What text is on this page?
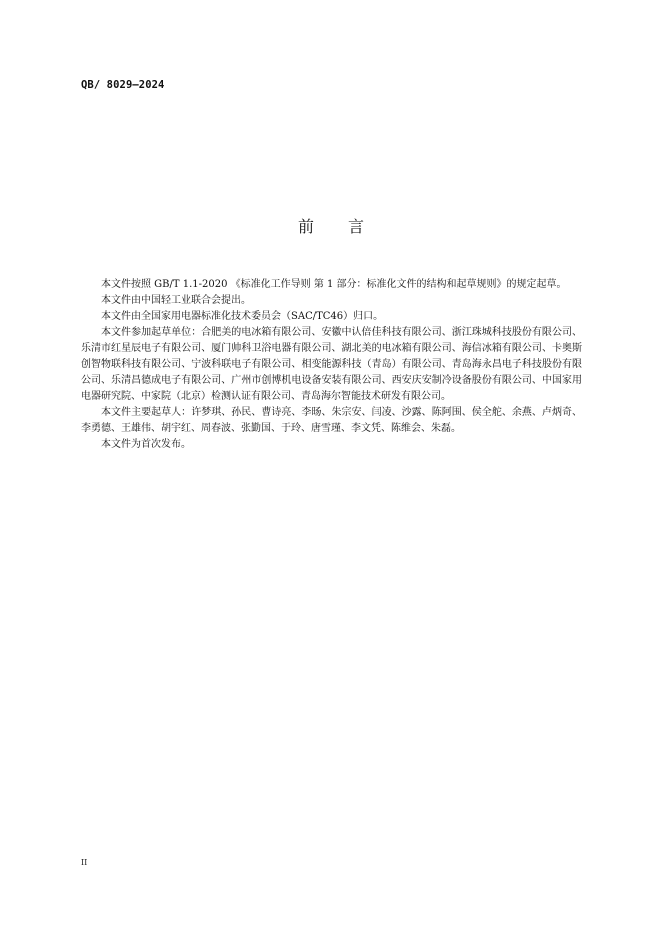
QB/ 8029—2024
前 言

本文件按照 GB/T 1.1-2020 《标准化工作导则 第 1 部分：标准化文件的结构和起草规则》的规定起草。

本文件由中国轻工业联合会提出。

本文件由全国家用电器标准化技术委员会（SAC/TC46）归口。

本文件参加起草单位：合肥美的电冰箱有限公司、安徽中认倍佳科技有限公司、浙江珠城科技股份有限公司、乐清市红星辰电子有限公司、厦门帅科卫浴电器有限公司、湖北美的电冰箱有限公司、海信冰箱有限公司、卡奥斯创智物联科技有限公司、宁波科联电子有限公司、相变能源科技（青岛）有限公司、青岛海永昌电子科技股份有限公司、乐清昌德成电子有限公司、广州市创博机电设备安装有限公司、西安庆安制冷设备股份有限公司、中国家用电器研究院、中家院（北京）检测认证有限公司、青岛海尔智能技术研发有限公司。

本文件主要起草人：许梦琪、孙民、曹诗亮、李旸、朱宗安、闫凌、沙露、陈阿围、侯全舵、余燕、卢炳奇、李勇德、王雄伟、胡宇红、周春波、张勤国、于玲、唐雪瑾、李文凭、陈维会、朱磊。

本文件为首次发布。

II
